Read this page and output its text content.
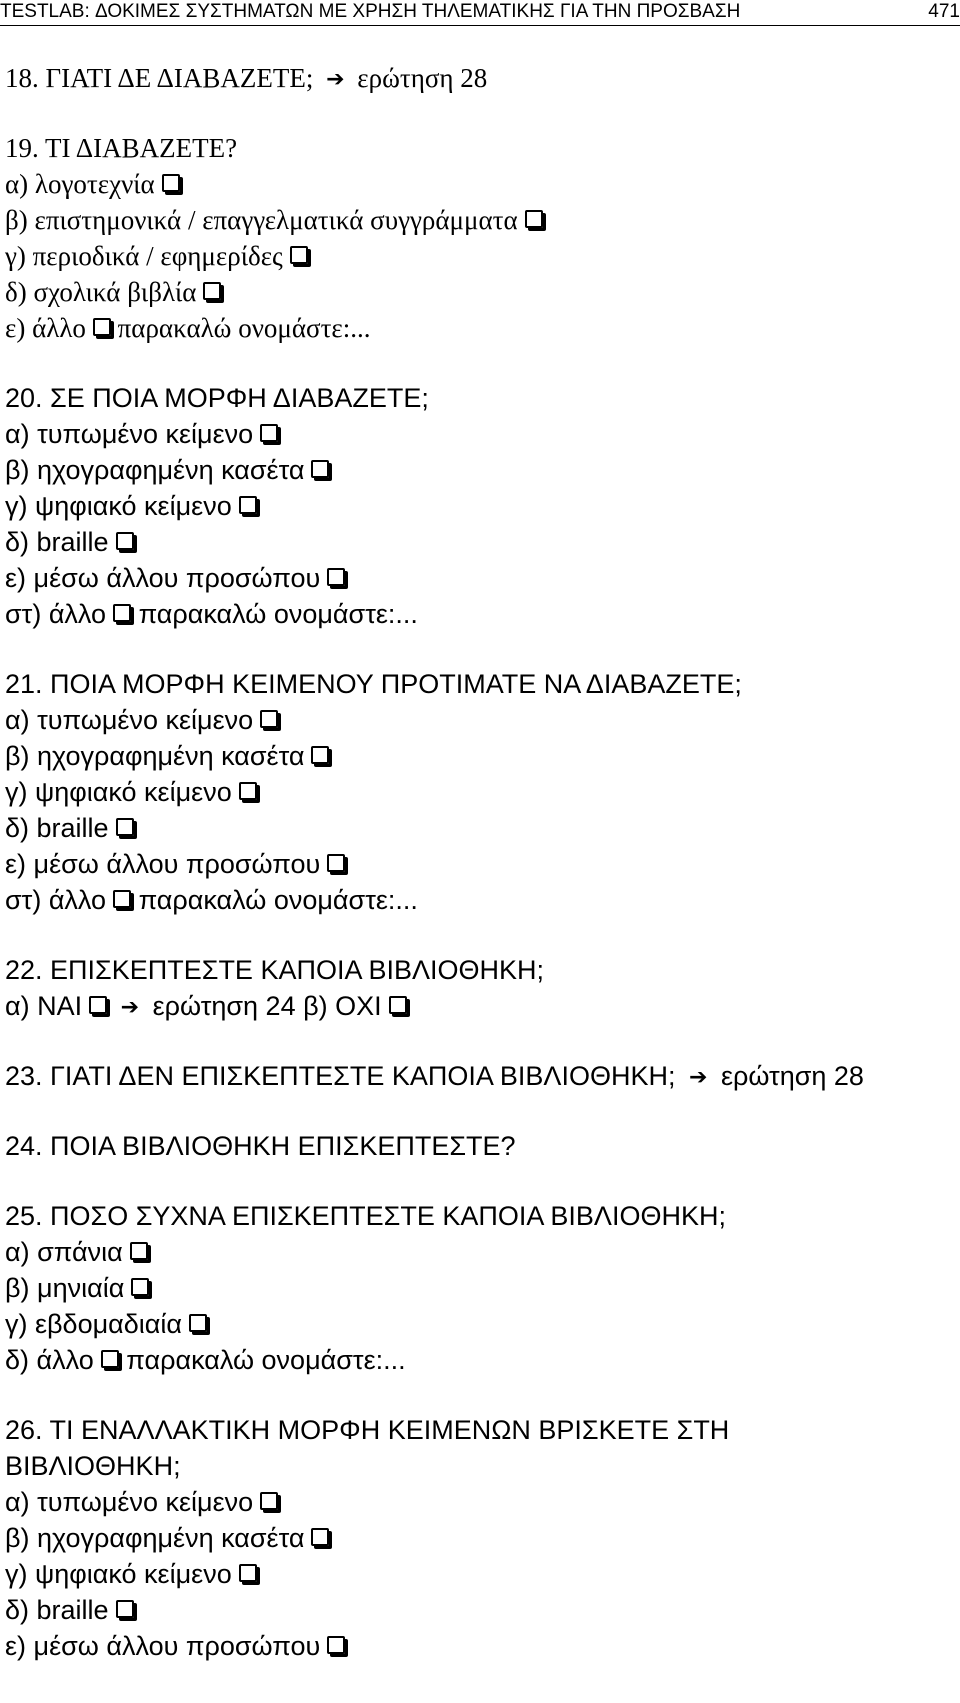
TESTLAB: ΔΟΚΙΜΕΣ ΣΥΣΤΗΜΑΤΩΝ ΜΕ ΧΡΗΣΗ ΤΗΛΕΜΑΤΙΚΗΣ ΓΙΑ ΤΗΝ ΠΡΟΣΒΑΣΗ	471
18. ΓΙΑΤΙ ΔΕ ΔΙΑΒΑΖΕΤΕ; ➔ ερώτηση 28
19. ΤΙ ΔΙΑΒΑΖΕΤΕ?
α) λογοτεχνία
β) επιστημονικά / επαγγελματικά συγγράμματα
γ) περιοδικά / εφημερίδες
δ) σχολικά βιβλία
ε) άλλο παρακαλώ ονομάστε:...
20. ΣΕ ΠΟΙΑ ΜΟΡΦΗ ΔΙΑΒΑΖΕΤΕ;
α) τυπωμένο κείμενο
β) ηχογραφημένη κασέτα
γ) ψηφιακό κείμενο
δ) braille
ε) μέσω άλλου προσώπου
στ) άλλο παρακαλώ ονομάστε:...
21. ΠΟΙΑ ΜΟΡΦΗ ΚΕΙΜΕΝΟΥ ΠΡΟΤΙΜΑΤΕ ΝΑ ΔΙΑΒΑΖΕΤΕ;
α) τυπωμένο κείμενο
β) ηχογραφημένη κασέτα
γ) ψηφιακό κείμενο
δ) braille
ε) μέσω άλλου προσώπου
στ) άλλο παρακαλώ ονομάστε:...
22. ΕΠΙΣΚΕΠΤΕΣΤΕ ΚΑΠΟΙΑ ΒΙΒΛΙΟΘΗΚΗ;
α) ΝΑΙ ➔ ερώτηση 24 β) ΟΧΙ
23. ΓΙΑΤΙ ΔΕΝ ΕΠΙΣΚΕΠΤΕΣΤΕ ΚΑΠΟΙΑ ΒΙΒΛΙΟΘΗΚΗ; ➔ ερώτηση 28
24. ΠΟΙΑ ΒΙΒΛΙΟΘΗΚΗ ΕΠΙΣΚΕΠΤΕΣΤΕ?
25. ΠΟΣΟ ΣΥΧΝΑ ΕΠΙΣΚΕΠΤΕΣΤΕ ΚΑΠΟΙΑ ΒΙΒΛΙΟΘΗΚΗ;
α) σπάνια
β) μηνιαία
γ) εβδομαδιαία
δ) άλλο παρακαλώ ονομάστε:...
26. ΤΙ ΕΝΑΛΛΑΚΤΙΚΗ ΜΟΡΦΗ ΚΕΙΜΕΝΩΝ ΒΡΙΣΚΕΤΕ ΣΤΗ
ΒΙΒΛΙΟΘΗΚΗ;
α) τυπωμένο κείμενο
β) ηχογραφημένη κασέτα
γ) ψηφιακό κείμενο
δ) braille
ε) μέσω άλλου προσώπου
